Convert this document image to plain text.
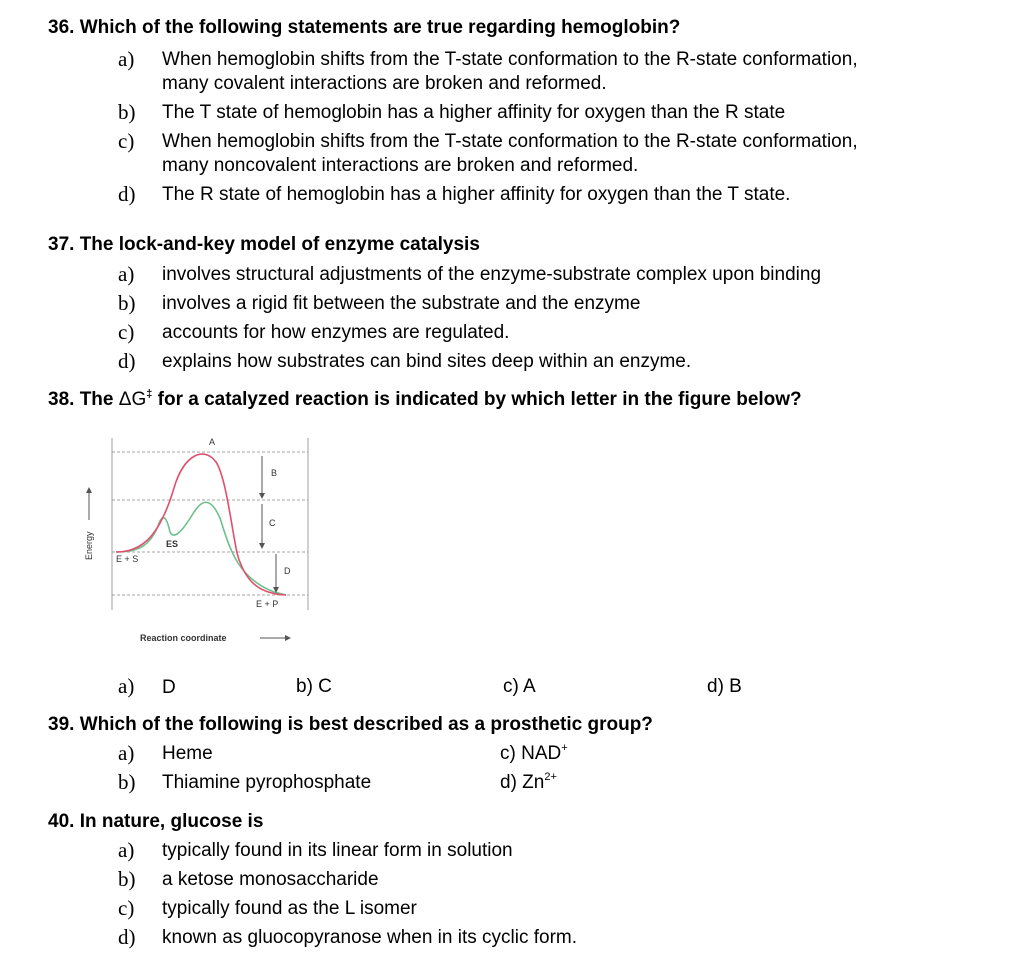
36. Which of the following statements are true regarding hemoglobin?
a) When hemoglobin shifts from the T-state conformation to the R-state conformation,
many covalent interactions are broken and reformed.
b) The T state of hemoglobin has a higher affinity for oxygen than the R state
c) When hemoglobin shifts from the T-state conformation to the R-state conformation,
many noncovalent interactions are broken and reformed.
d) The R state of hemoglobin has a higher affinity for oxygen than the T state.
37. The lock-and-key model of enzyme catalysis
a) involves structural adjustments of the enzyme-substrate complex upon binding
b) involves a rigid fit between the substrate and the enzyme
c) accounts for how enzymes are regulated.
d) explains how substrates can bind sites deep within an enzyme.
38. The ΔG‡ for a catalyzed reaction is indicated by which letter in the figure below?
Energy
A
B
C
D
ES
E + S
E + P
Reaction coordinate
a) D	b) C	c) A	d) B
39. Which of the following is best described as a prosthetic group?
a) Heme	c) NAD+
b) Thiamine pyrophosphate	d) $Zn^{2+}$
40. In nature, glucose is
a) typically found in its linear form in solution
b) a ketose monosaccharide
c) typically found as the L isomer
d) known as gluocopyranose when in its cyclic form.
